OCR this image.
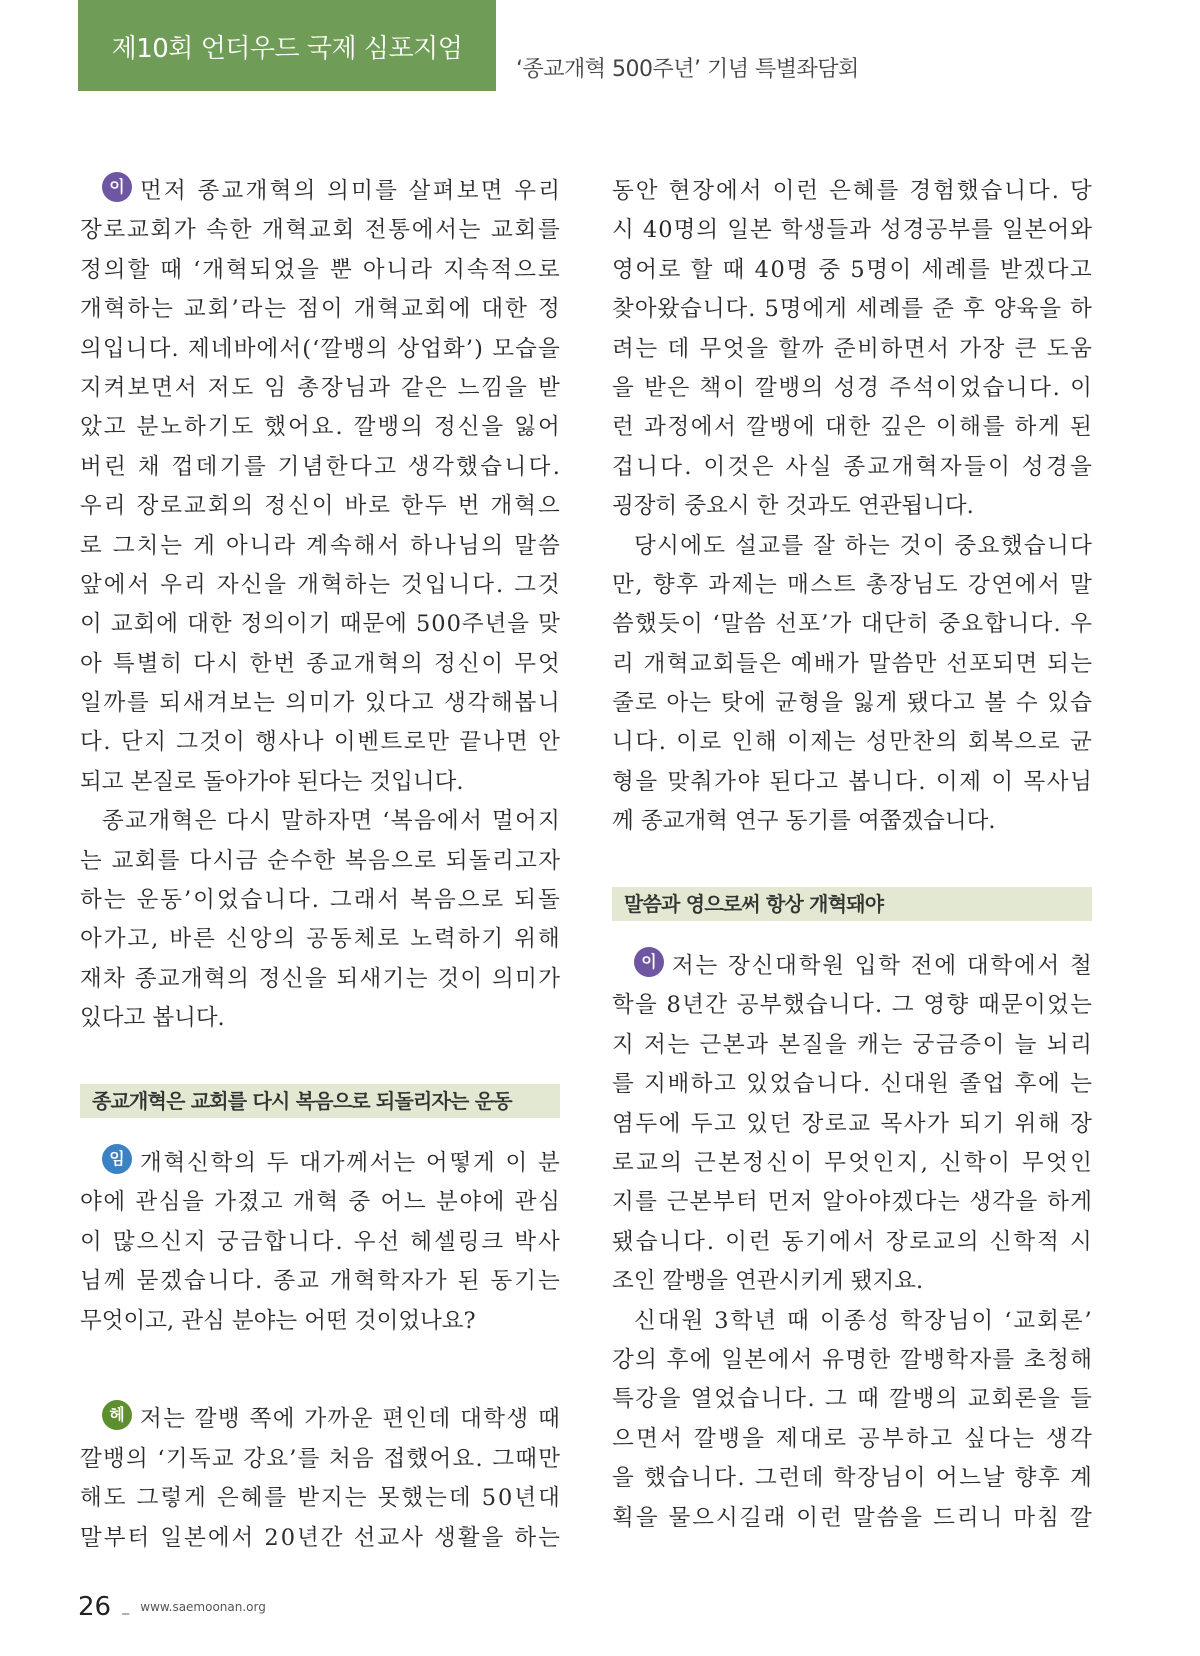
제10회 언더우드 국제 심포지엄
‘종교개혁 500주년’ 기념 특별좌담회
이 먼 저
종 교 개 혁 의
의 미 를
살 펴 보 면
우 리
장 로 교 회 가
속 한
개 혁 교 회
전 통 에 서 는
교 회 를
정 의 할
때
‘ 개 혁 되 었 을
뿐
아 니 라
지 속 적 으 로
개 혁 하 는
교 회 ’ 라 는
점 이
개 혁 교 회 에
대 한
정
의 입 니 다 .
제 네 바 에 서 ( ‘ 깔 뱅 의
상 업 화 ’ )
모 습 을
지 켜 보 면 서
저 도
임
총 장 님 과
같 은
느 낌 을
받
았 고
분 노 하 기 도
했 어 요 .
깔 뱅 의
정 신 을
잃 어
버 린
채
껍 데 기 를
기 념 한 다 고
생 각 했 습 니 다 .
우 리
장 로 교 회 의
정 신 이
바 로
한 두
번
개 혁 으
로
그 치 는
게
아 니 라
계 속 해 서
하 나 님 의
말 씀
앞 에 서
우 리
자 신 을
개 혁 하 는
것 입 니 다 .
그 것
이
교 회 에
대 한
정 의 이 기
때 문 에
5 0 0 주 년 을
맞
아
특 별 히
다 시
한 번
종 교 개 혁 의
정 신 이
무 엇
일 까 를
되 새 겨 보 는
의 미 가
있 다 고
생 각 해 봅 니
다 .
단 지
그 것 이
행 사 나
이 벤 트 로 만
끝 나 면
안
되고 본질로 돌아가야 된다는 것입니다.
종 교 개 혁 은
다 시
말 하 자 면
‘ 복 음 에 서
멀 어 지
는
교 회 를
다 시 금
순 수 한
복 음 으 로
되 돌 리 고 자
하 는
운 동 ’ 이 었 습 니 다 .
그 래 서
복 음 으 로
되 돌
아 가 고 ,
바 른
신 앙 의
공 동 체 로
노 력 하 기
위 해
재 차
종 교 개 혁 의
정 신 을
되 새 기 는
것 이
의 미 가
있다고 봅니다.
종교개혁은 교회를 다시 복음으로 되돌리자는 운동
임 개 혁 신 학 의
두
대 가 께 서 는
어 떻 게
이
분
야 에
관 심 을
가 졌 고
개 혁
중
어 느
분 야 에
관 심
이
많 으 신 지
궁 금 합 니 다 .
우 선
헤 셀 링 크
박 사
님 께
묻 겠 습 니 다 .
종 교
개 혁 학 자 가
된
동 기 는
무엇이고, 관심 분야는 어떤 것이었나요?
헤 저 는
깔 뱅
쪽 에
가 까 운
편 인 데
대 학 생
때
깔 뱅 의
‘ 기 독 교
강 요 ’ 를
처 음
접 했 어 요 .
그 때 만
해 도
그 렇 게
은 혜 를
받 지 는
못 했 는 데
5 0 년 대
말 부 터
일 본 에 서
2 0 년 간
선 교 사
생 활 을
하 는
동 안
현 장 에 서
이 런
은 혜 를
경 험 했 습 니 다 .
당
시
4 0 명 의
일 본
학 생 들 과
성 경 공 부 를
일 본 어 와
영 어 로
할
때
4 0 명
중
5 명 이
세 례 를
받 겠 다 고
찾 아 왔 습 니 다 .
5 명 에 게
세 례 를
준
후
양 육 을
하
려 는
데
무 엇 을
할 까
준 비 하 면 서
가 장
큰
도 움
을
받 은
책 이
깔 뱅 의
성 경
주 석 이 었 습 니 다 .
이
런
과 정 에 서
깔 뱅 에
대 한
깊 은
이 해 를
하 게
된
겁 니 다 .
이 것 은
사 실
종 교 개 혁 자 들 이
성 경 을
굉장히 중요시 한 것과도 연관됩니다.
당 시 에 도
설 교 를
잘
하 는
것 이
중 요 했 습 니 다
만 ,
향 후
과 제 는
매 스 트
총 장 님 도
강 연 에 서
말
씀 했 듯 이
‘ 말 씀
선 포 ’ 가
대 단 히
중 요 합 니 다 .
우
리
개 혁 교 회 들 은
예 배 가
말 씀 만
선 포 되 면
되 는
줄 로
아 는
탓 에
균 형 을
잃 게
됐 다 고
볼
수
있 습
니 다 .
이 로
인 해
이 제 는
성 만 찬 의
회 복 으 로
균
형 을
맞 춰 가 야
된 다 고
봅 니 다 .
이 제
이
목 사 님
께 종교개혁 연구 동기를 여쭙겠습니다.
말씀과 영으로써 항상 개혁돼야
이 저 는
장 신 대 학 원
입 학
전 에
대 학 에 서
철
학 을
8 년 간
공 부 했 습 니 다 .
그
영 향
때 문 이 었 는
지
저 는
근 본 과
본 질 을
캐 는
궁 금 증 이
늘
뇌 리
를
지 배 하 고
있 었 습 니 다 .
신 대 원
졸 업
후 에
는
염 두 에
두 고
있 던
장 로 교
목 사 가
되 기
위 해
장
로 교 의
근 본 정 신 이
무 엇 인 지 ,
신 학 이
무 엇 인
지 를
근 본 부 터
먼 저
알 아 야 겠 다 는
생 각 을
하 게
됐 습 니 다 .
이 런
동 기 에 서
장 로 교 의
신 학 적
시
조인 깔뱅을 연관시키게 됐지요.
신 대 원
3 학 년
때
이 종 성
학 장 님 이
‘ 교 회 론 ’
강 의
후 에
일 본 에 서
유 명 한
깔 뱅 학 자 를
초 청 해
특 강 을
열 었 습 니 다 .
그
때
깔 뱅 의
교 회 론 을
들
으 면 서
깔 뱅 을
제 대 로
공 부 하 고
싶 다 는
생 각
을
했 습 니 다 .
그 런 데
학 장 님 이
어 느 날
향 후
계
획 을
물 으 시 길 래
이 런
말 씀 을
드 리 니
마 침
깔
26 _ www.saemoonan.org
